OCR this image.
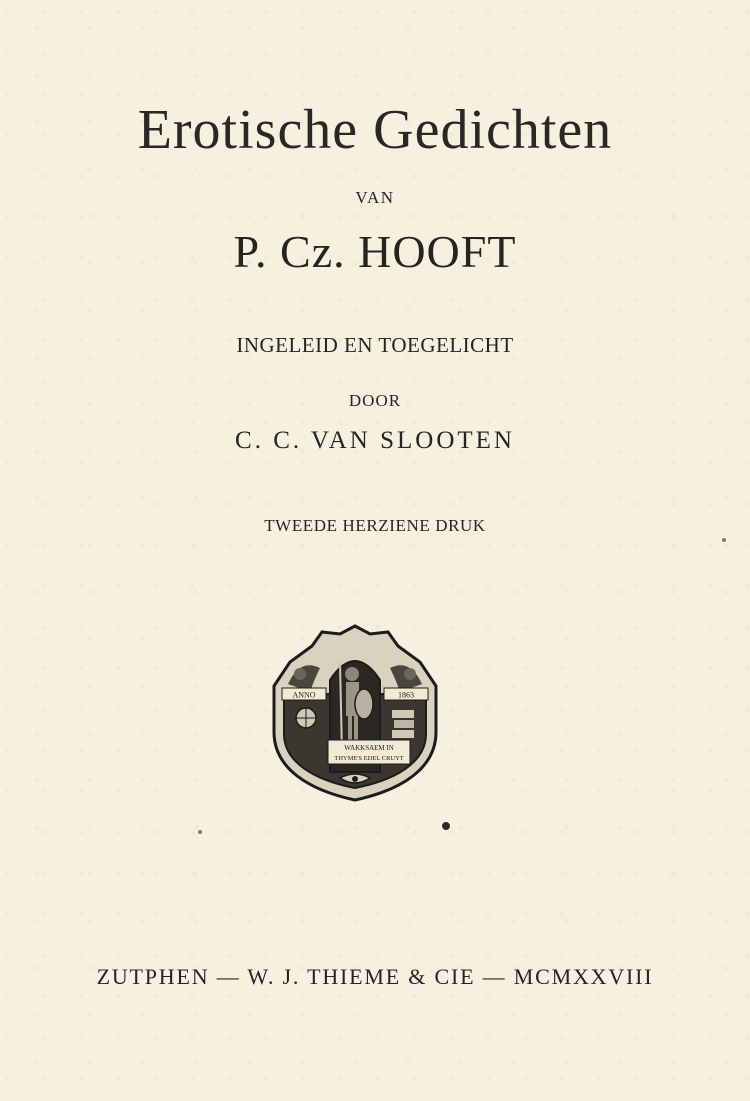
Erotische Gedichten
VAN
P. Cz. HOOFT
INGELEID EN TOEGELICHT
DOOR
C. C. VAN SLOOTEN
TWEEDE HERZIENE DRUK
ANNO	1863
WAKKSAEM IN
THYME'S EDEL CRUYT
ZUTPHEN — W. J. THIEME & CIE — MCMXXVIII
